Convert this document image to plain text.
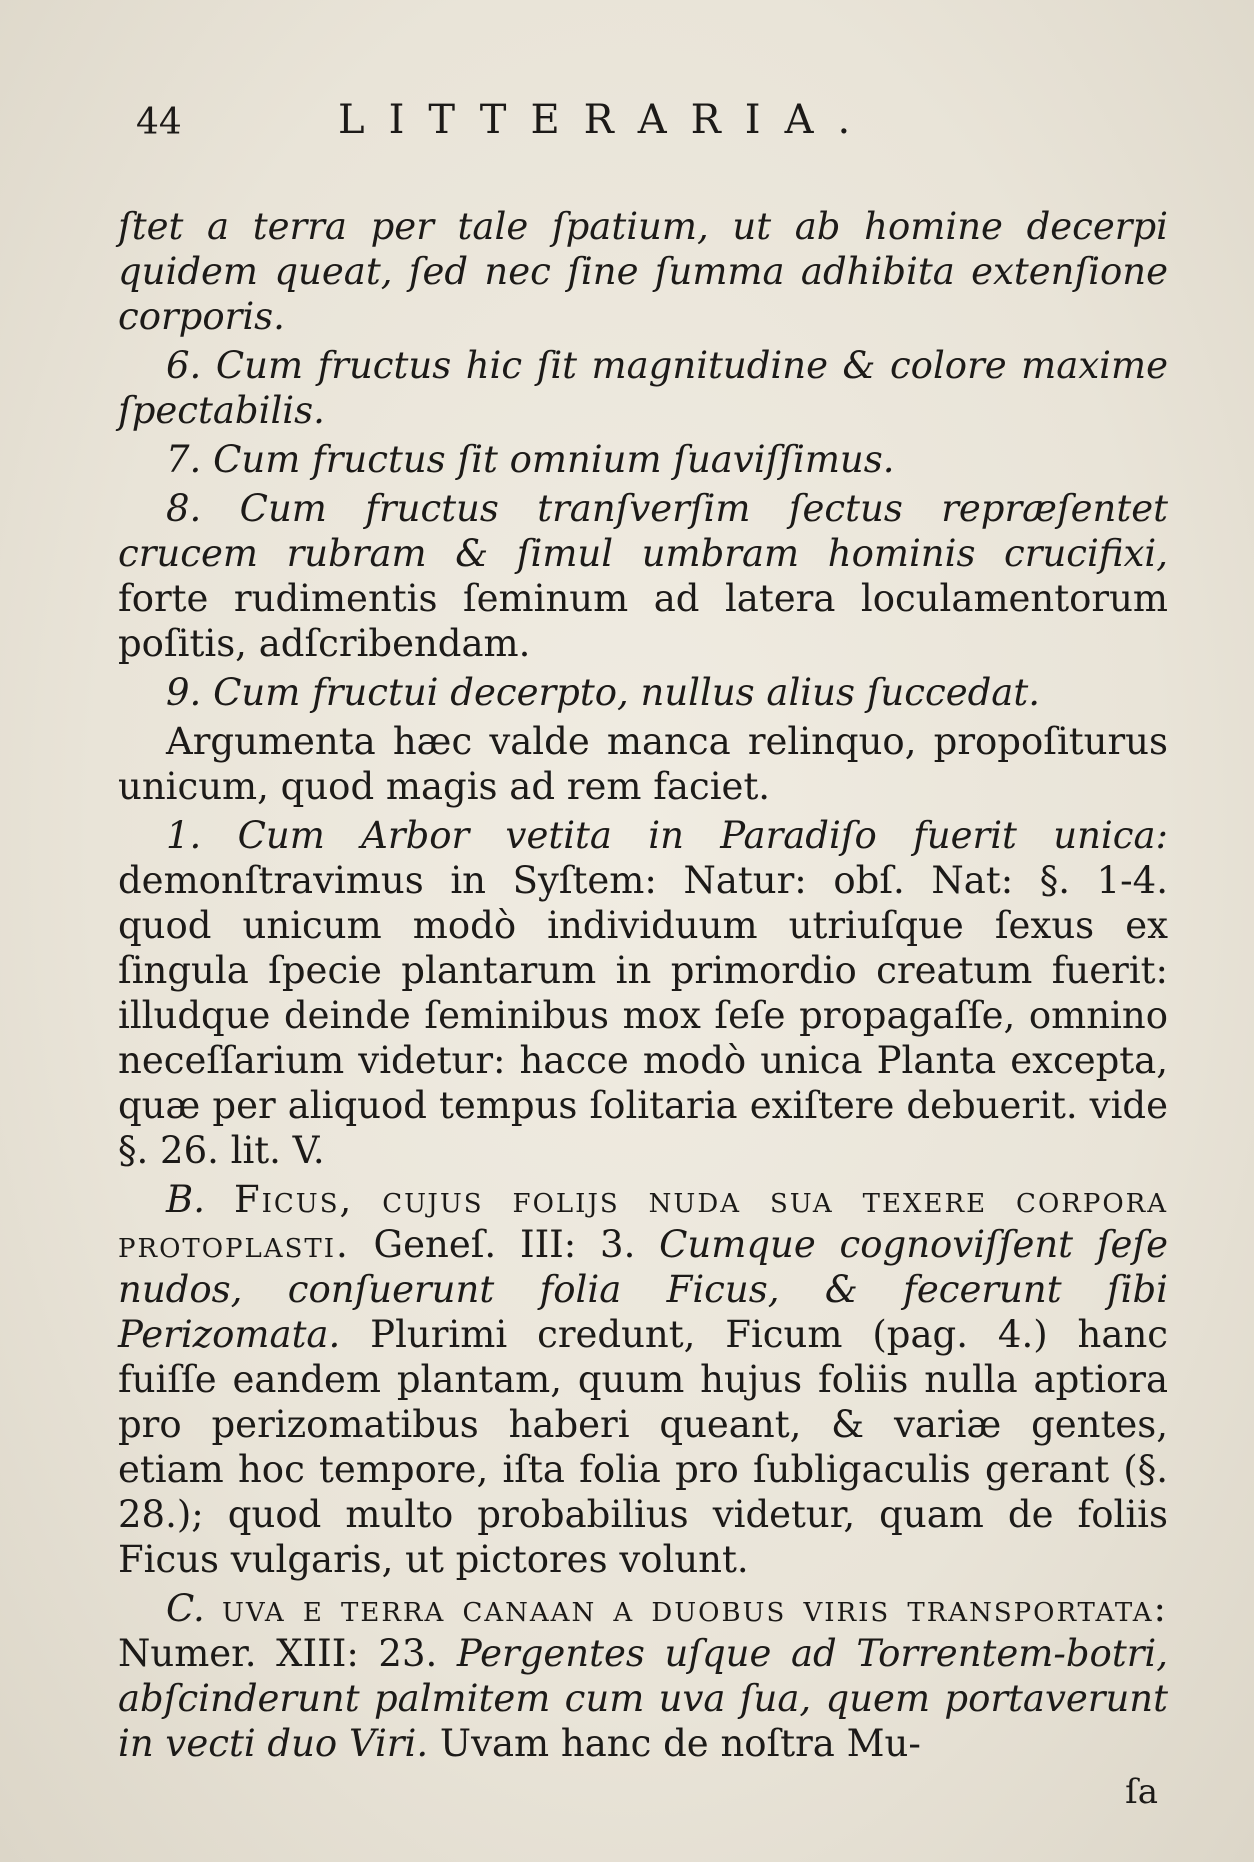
44	LITTERARIA.

ſtet a terra per tale ſpatium, ut ab homine decerpi quidem queat, ſed nec ſine ſumma adhibita extenſione corporis.

6. Cum fructus hic ſit magnitudine & colore maxime ſpectabilis.

7. Cum fructus ſit omnium ſuaviſſimus.

8. Cum fructus tranſverſim ſectus repræſentet crucem rubram & ſimul umbram hominis crucifixi, forte rudimentis ſeminum ad latera loculamentorum poſitis, adſcribendam.

9. Cum fructui decerpto, nullus alius ſuccedat.

Argumenta hæc valde manca relinquo, propoſiturus unicum, quod magis ad rem faciet.

1. Cum Arbor vetita in Paradiſo fuerit unica: demonſtravimus in Syſtem: Natur: obſ. Nat: §. 1-4. quod unicum modò individuum utriuſque ſexus ex ſingula ſpecie plantarum in primordio creatum fuerit: illudque deinde ſeminibus mox ſeſe propagaſſe, omnino neceſſarium videtur: hacce modò unica Planta excepta, quæ per aliquod tempus ſolitaria exiſtere debuerit. vide §. 26. lit. V.

B. Ficus, cujus folijs nuda sua texere corpora protoplasti. Geneſ. III: 3. Cumque cognoviſſent ſeſe nudos, conſuerunt folia Ficus, & fecerunt ſibi Perizomata. Plurimi credunt, Ficum (pag. 4.) hanc fuiſſe eandem plantam, quum hujus foliis nulla aptiora pro perizomatibus haberi queant, & variæ gentes, etiam hoc tempore, iſta folia pro ſubligaculis gerant (§. 28.); quod multo probabilius videtur, quam de foliis Ficus vulgaris, ut pictores volunt.

C. uva e terra canaan a duobus viris transportata: Numer. XIII: 23. Pergentes uſque ad Torrentem-botri, abſcinderunt palmitem cum uva ſua, quem portaverunt in vecti duo Viri. Uvam hanc de noſtra Mu-

ſa
